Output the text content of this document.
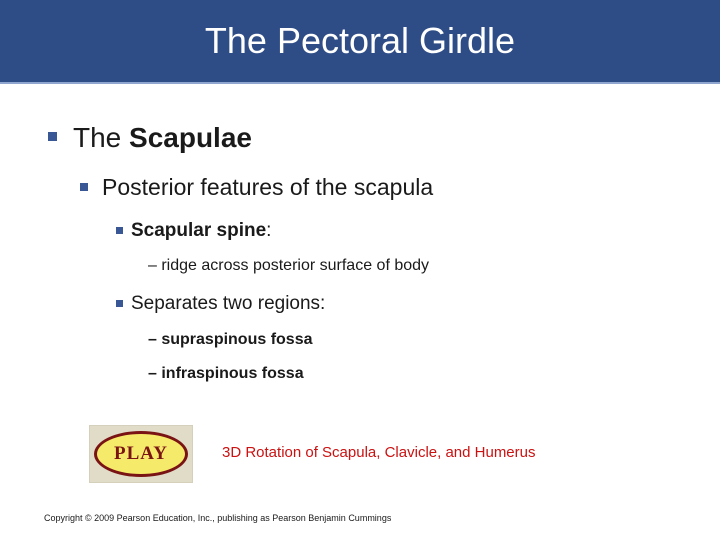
The Pectoral Girdle
The Scapulae
Posterior features of the scapula
Scapular spine :
– ridge across posterior surface of body
Separates two regions:
– supraspinous fossa
– infraspinous fossa
PLAY	3D Rotation of Scapula, Clavicle, and Humerus
Copyright © 2009 Pearson Education, Inc., publishing as Pearson Benjamin Cummings
